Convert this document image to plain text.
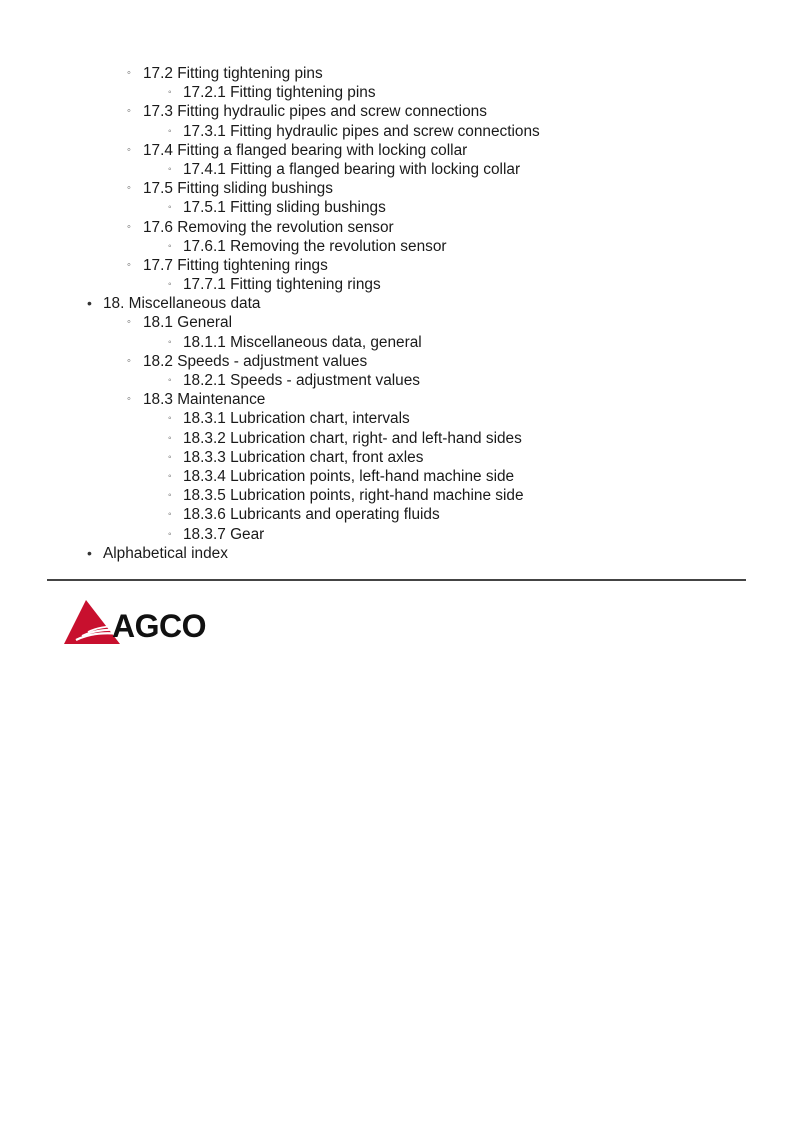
◦ 17.2 Fitting tightening pins
◦ 17.2.1 Fitting tightening pins
◦ 17.3 Fitting hydraulic pipes and screw connections
◦ 17.3.1 Fitting hydraulic pipes and screw connections
◦ 17.4 Fitting a flanged bearing with locking collar
◦ 17.4.1 Fitting a flanged bearing with locking collar
◦ 17.5 Fitting sliding bushings
◦ 17.5.1 Fitting sliding bushings
◦ 17.6 Removing the revolution sensor
◦ 17.6.1 Removing the revolution sensor
◦ 17.7 Fitting tightening rings
◦ 17.7.1 Fitting tightening rings
• 18. Miscellaneous data
◦ 18.1 General
◦ 18.1.1 Miscellaneous data, general
◦ 18.2 Speeds - adjustment values
◦ 18.2.1 Speeds - adjustment values
◦ 18.3 Maintenance
◦ 18.3.1 Lubrication chart, intervals
◦ 18.3.2 Lubrication chart, right- and left-hand sides
◦ 18.3.3 Lubrication chart, front axles
◦ 18.3.4 Lubrication points, left-hand machine side
◦ 18.3.5 Lubrication points, right-hand machine side
◦ 18.3.6 Lubricants and operating fluids
◦ 18.3.7 Gear
• Alphabetical index
AGCO
